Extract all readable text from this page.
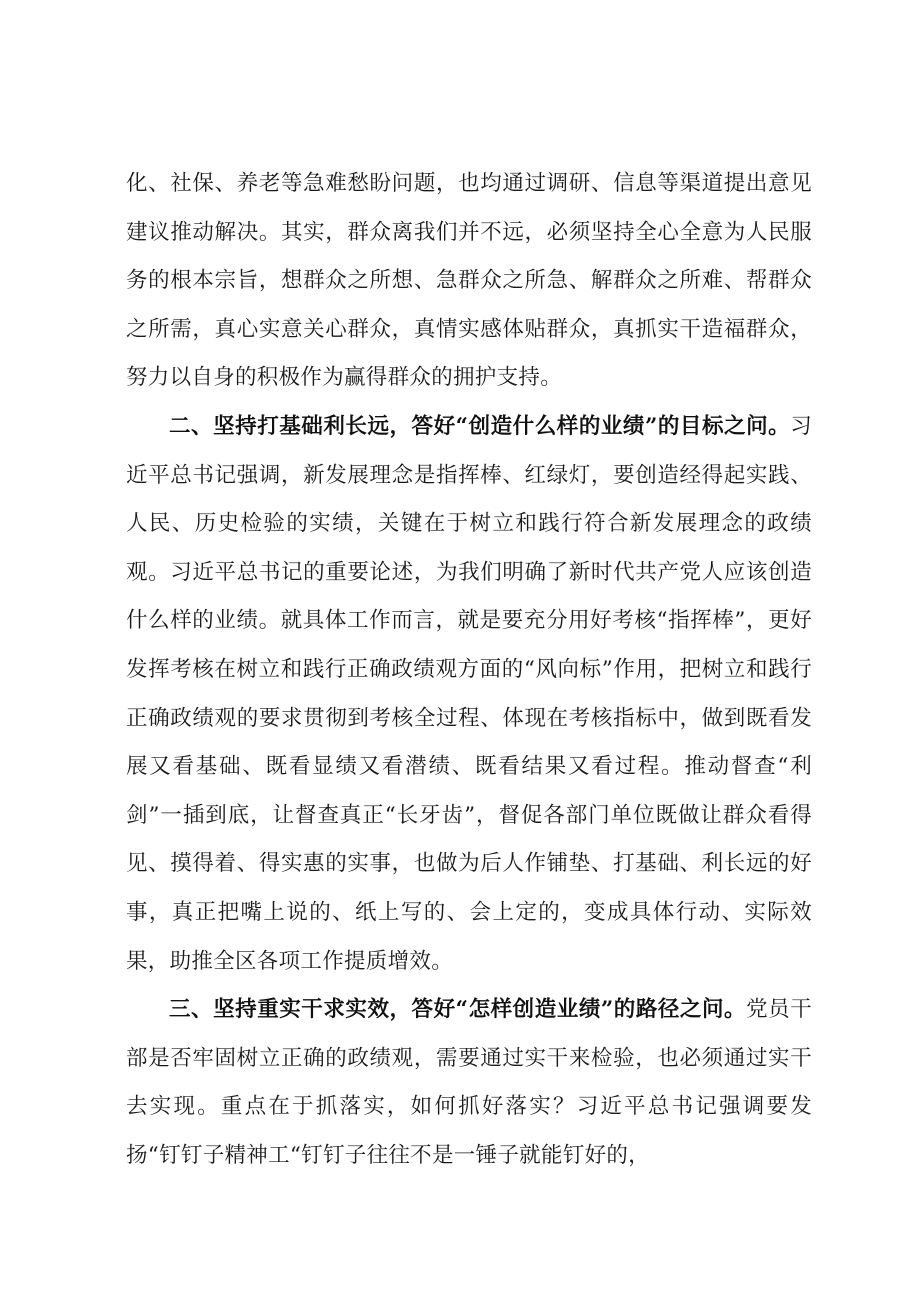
化、社保、养老等急难愁盼问题，也均通过调研、信息等渠道提出意见建议推动解决。其实，群众离我们并不远，必须坚持全心全意为人民服务的根本宗旨，想群众之所想、急群众之所急、解群众之所难、帮群众之所需，真心实意关心群众，真情实感体贴群众，真抓实干造福群众，努力以自身的积极作为赢得群众的拥护支持。

二、坚持打基础利长远，答好“创造什么样的业绩”的目标之问。习近平总书记强调，新发展理念是指挥棒、红绿灯，要创造经得起实践、人民、历史检验的实绩，关键在于树立和践行符合新发展理念的政绩观。习近平总书记的重要论述，为我们明确了新时代共产党人应该创造什么样的业绩。就具体工作而言，就是要充分用好考核“指挥棒”，更好发挥考核在树立和践行正确政绩观方面的“风向标”作用，把树立和践行正确政绩观的要求贯彻到考核全过程、体现在考核指标中，做到既看发展又看基础、既看显绩又看潜绩、既看结果又看过程。推动督查“利剑”一插到底，让督查真正“长牙齿”，督促各部门单位既做让群众看得见、摸得着、得实惠的实事，也做为后人作铺垫、打基础、利长远的好事，真正把嘴上说的、纸上写的、会上定的，变成具体行动、实际效果，助推全区各项工作提质增效。

三、坚持重实干求实效，答好“怎样创造业绩”的路径之问。党员干部是否牢固树立正确的政绩观，需要通过实干来检验，也必须通过实干去实现。重点在于抓落实，如何抓好落实？习近平总书记强调要发扬“钉钉子精神工“钉钉子往往不是一锤子就能钉好的，
